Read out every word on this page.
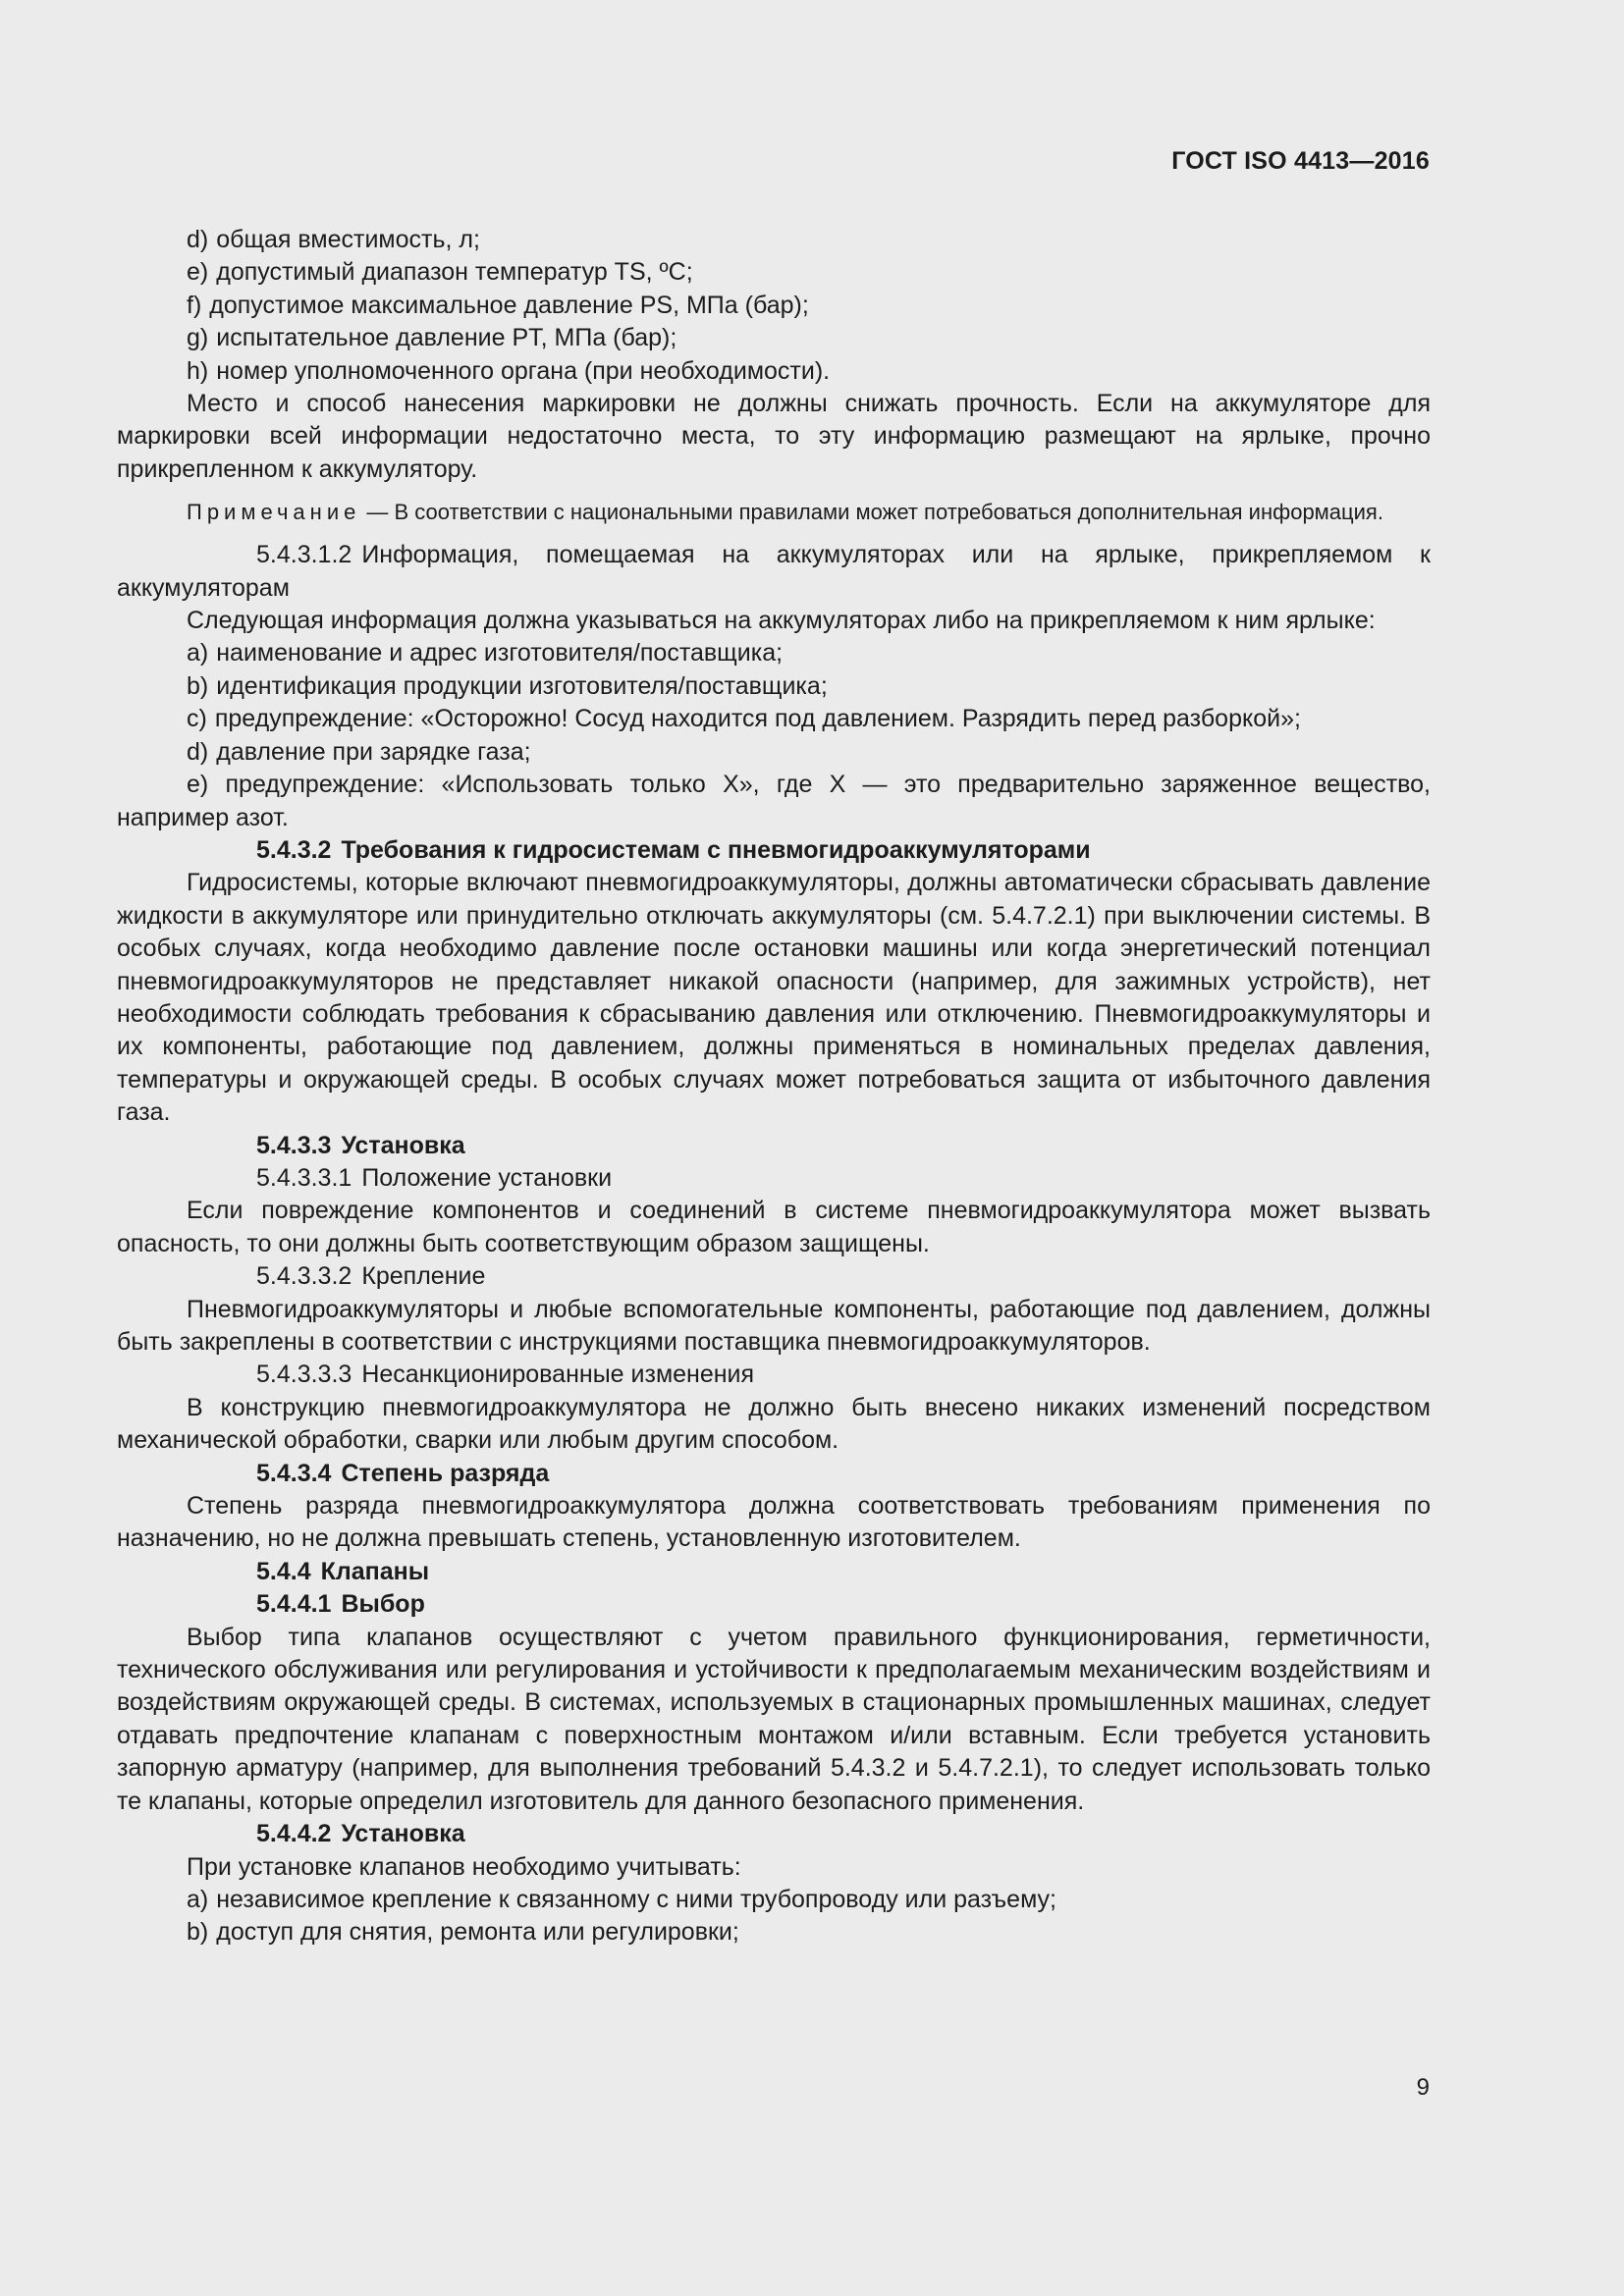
ГОСТ ISO 4413—2016
d) общая вместимость, л;
e) допустимый диапазон температур TS, ºC;
f) допустимое максимальное давление PS, МПа (бар);
g) испытательное давление PT, МПа (бар);
h) номер уполномоченного органа (при необходимости).

Место и способ нанесения маркировки не должны снижать прочность. Если на аккумуляторе для маркировки всей информации недостаточно места, то эту информацию размещают на ярлыке, прочно прикрепленном к аккумулятору.

Примечание — В соответствии с национальными правилами может потребоваться дополнительная информация.

5.4.3.1.2 Информация, помещаемая на аккумуляторах или на ярлыке, прикрепляемом к аккумуляторам

Следующая информация должна указываться на аккумуляторах либо на прикрепляемом к ним ярлыке:

a) наименование и адрес изготовителя/поставщика;
b) идентификация продукции изготовителя/поставщика;
c) предупреждение: «Осторожно! Сосуд находится под давлением. Разрядить перед разборкой»;
d) давление при зарядке газа;

e) предупреждение: «Использовать только X», где X — это предварительно заряженное вещество, например азот.

5.4.3.2 Требования к гидросистемам с пневмогидроаккумуляторами

Гидросистемы, которые включают пневмогидроаккумуляторы, должны автоматически сбрасывать давление жидкости в аккумуляторе или принудительно отключать аккумуляторы (см. 5.4.7.2.1) при выключении системы. В особых случаях, когда необходимо давление после остановки машины или когда энергетический потенциал пневмогидроаккумуляторов не представляет никакой опасности (например, для зажимных устройств), нет необходимости соблюдать требования к сбрасыванию давления или отключению. Пневмогидроаккумуляторы и их компоненты, работающие под давлением, должны применяться в номинальных пределах давления, температуры и окружающей среды. В особых случаях может потребоваться защита от избыточного давления газа.

5.4.3.3 Установка

5.4.3.3.1 Положение установки

Если повреждение компонентов и соединений в системе пневмогидроаккумулятора может вызвать опасность, то они должны быть соответствующим образом защищены.

5.4.3.3.2 Крепление

Пневмогидроаккумуляторы и любые вспомогательные компоненты, работающие под давлением, должны быть закреплены в соответствии с инструкциями поставщика пневмогидроаккумуляторов.

5.4.3.3.3 Несанкционированные изменения

В конструкцию пневмогидроаккумулятора не должно быть внесено никаких изменений посредством механической обработки, сварки или любым другим способом.

5.4.3.4 Степень разряда

Степень разряда пневмогидроаккумулятора должна соответствовать требованиям применения по назначению, но не должна превышать степень, установленную изготовителем.

5.4.4 Клапаны

5.4.4.1 Выбор

Выбор типа клапанов осуществляют с учетом правильного функционирования, герметичности, технического обслуживания или регулирования и устойчивости к предполагаемым механическим воздействиям и воздействиям окружающей среды. В системах, используемых в стационарных промышленных машинах, следует отдавать предпочтение клапанам с поверхностным монтажом и/или вставным. Если требуется установить запорную арматуру (например, для выполнения требований 5.4.3.2 и 5.4.7.2.1), то следует использовать только те клапаны, которые определил изготовитель для данного безопасного применения.

5.4.4.2 Установка

При установке клапанов необходимо учитывать:

a) независимое крепление к связанному с ними трубопроводу или разъему;
b) доступ для снятия, ремонта или регулировки;
9
